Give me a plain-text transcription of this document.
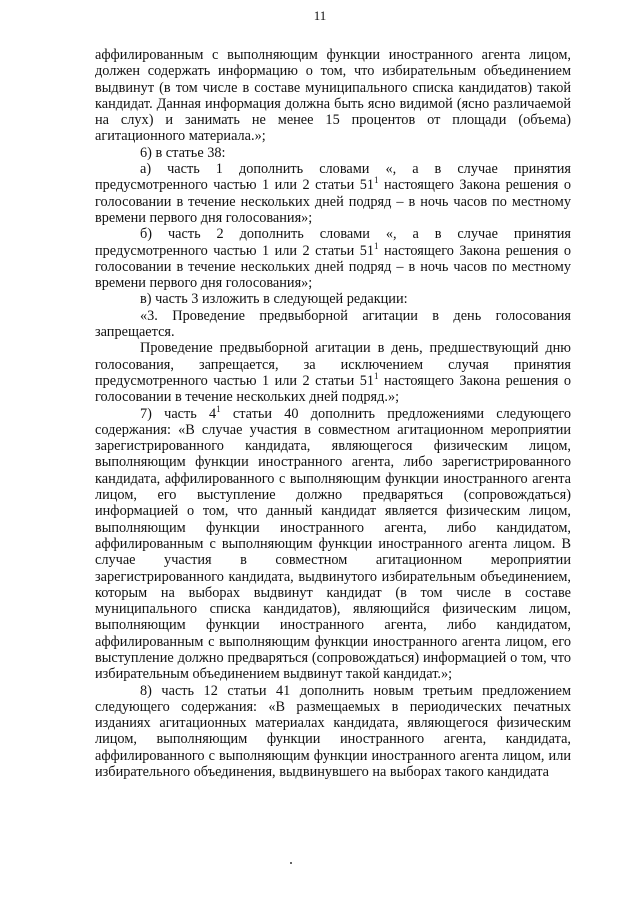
11

аффилированным с выполняющим функции иностранного агента лицом, должен содержать информацию о том, что избирательным объединением выдвинут (в том числе в составе муниципального списка кандидатов) такой кандидат. Данная информация должна быть ясно видимой (ясно различаемой на слух) и занимать не менее 15 процентов от площади (объема) агитационного материала.»;

6) в статье 38:

а) часть 1 дополнить словами «, а в случае принятия предусмотренного частью 1 или 2 статьи $51^1$ настоящего Закона решения о голосовании в течение нескольких дней подряд – в ночь часов по местному времени первого дня голосования»;

б) часть 2 дополнить словами «, а в случае принятия предусмотренного частью 1 или 2 статьи $51^1$ настоящего Закона решения о голосовании в течение нескольких дней подряд – в ночь часов по местному времени первого дня голосования»;

в) часть 3 изложить в следующей редакции:

«3. Проведение предвыборной агитации в день голосования запрещается.

Проведение предвыборной агитации в день, предшествующий дню голосования, запрещается, за исключением случая принятия предусмотренного частью 1 или 2 статьи $51^1$ настоящего Закона решения о голосовании в течение нескольких дней подряд.»;

7) часть $4^1$ статьи 40 дополнить предложениями следующего содержания: «В случае участия в совместном агитационном мероприятии зарегистрированного кандидата, являющегося физическим лицом, выполняющим функции иностранного агента, либо зарегистрированного кандидата, аффилированного с выполняющим функции иностранного агента лицом, его выступление должно предваряться (сопровождаться) информацией о том, что данный кандидат является физическим лицом, выполняющим функции иностранного агента, либо кандидатом, аффилированным с выполняющим функции иностранного агента лицом. В случае участия в совместном агитационном мероприятии зарегистрированного кандидата, выдвинутого избирательным объединением, которым на выборах выдвинут кандидат (в том числе в составе муниципального списка кандидатов), являющийся физическим лицом, выполняющим функции иностранного агента, либо кандидатом, аффилированным с выполняющим функции иностранного агента лицом, его выступление должно предваряться (сопровождаться) информацией о том, что избирательным объединением выдвинут такой кандидат.»;

8) часть 12 статьи 41 дополнить новым третьим предложением следующего содержания: «В размещаемых в периодических печатных изданиях агитационных материалах кандидата, являющегося физическим лицом, выполняющим функции иностранного агента, кандидата, аффилированного с выполняющим функции иностранного агента лицом, или избирательного объединения, выдвинувшего на выборах такого кандидата
